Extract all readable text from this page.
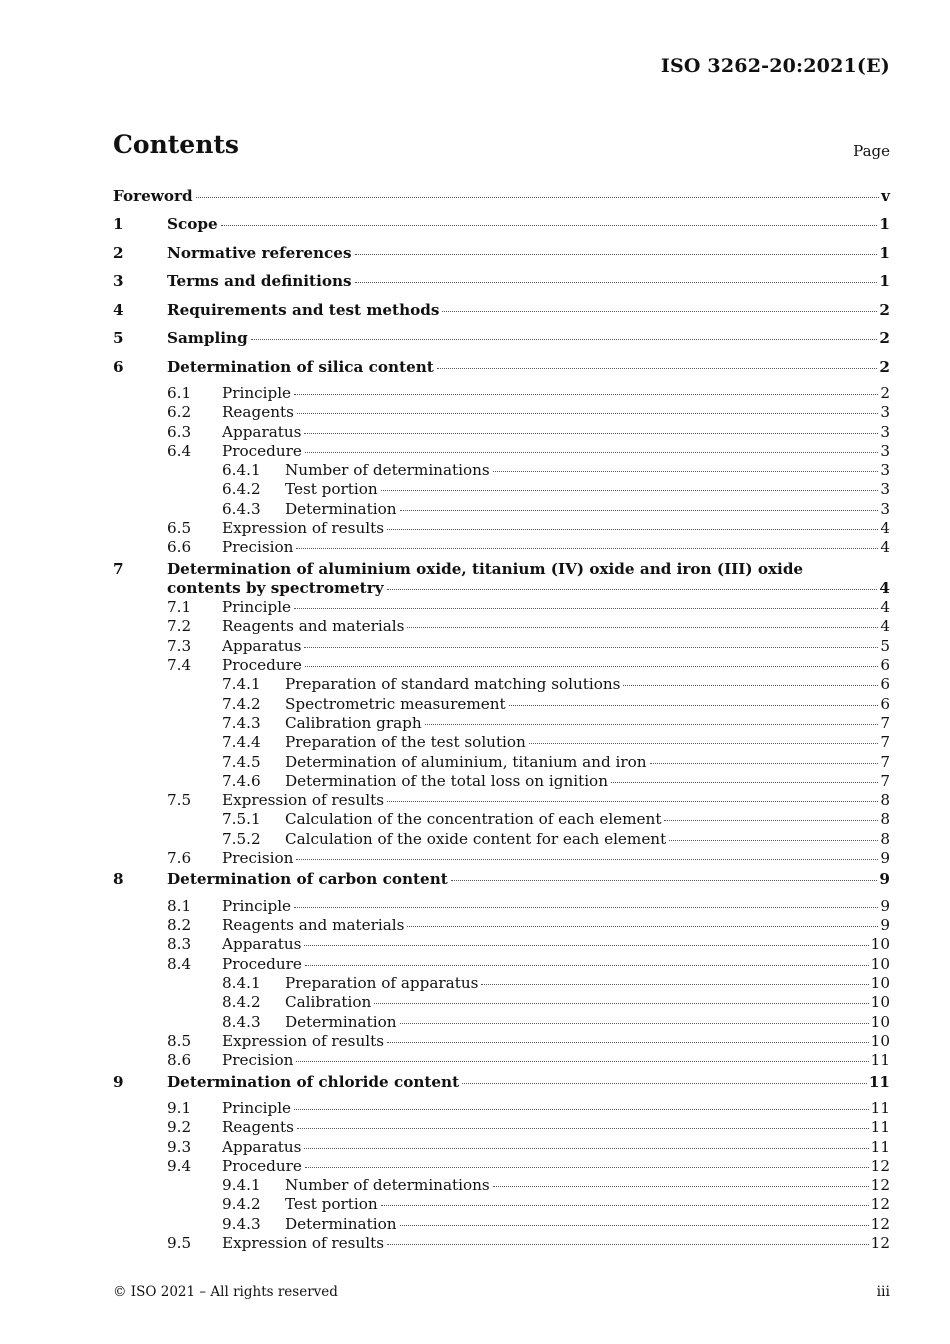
ISO 3262-20:2021(E)
Contents	Page
Foreword	v
1	Scope	1
2	Normative references	1
3	Terms and definitions	1
4	Requirements and test methods	2
5	Sampling	2
6	Determination of silica content	2
6.1 Principle	2
6.2 Reagents	3
6.3 Apparatus	3
6.4 Procedure	3
6.4.1 Number of determinations	3
6.4.2 Test portion	3
6.4.3 Determination	3
6.5 Expression of results	4
6.6 Precision	4
7	Determination of aluminium oxide, titanium (IV) oxide and iron (III) oxide
contents by spectrometry	4
7.1 Principle	4
7.2 Reagents and materials	4
7.3 Apparatus	5
7.4 Procedure	6
7.4.1 Preparation of standard matching solutions	6
7.4.2 Spectrometric measurement	6
7.4.3 Calibration graph	7
7.4.4 Preparation of the test solution	7
7.4.5 Determination of aluminium, titanium and iron	7
7.4.6 Determination of the total loss on ignition	7
7.5 Expression of results	8
7.5.1 Calculation of the concentration of each element	8
7.5.2 Calculation of the oxide content for each element	8
7.6 Precision	9
8	Determination of carbon content	9
8.1 Principle	9
8.2 Reagents and materials	9
8.3 Apparatus	10
8.4 Procedure	10
8.4.1 Preparation of apparatus	10
8.4.2 Calibration	10
8.4.3 Determination	10
8.5 Expression of results	10
8.6 Precision	11
9	Determination of chloride content	11
9.1 Principle	11
9.2 Reagents	11
9.3 Apparatus	11
9.4 Procedure	12
9.4.1 Number of determinations	12
9.4.2 Test portion	12
9.4.3 Determination	12
9.5 Expression of results	12
© ISO 2021 – All rights reserved	iii
